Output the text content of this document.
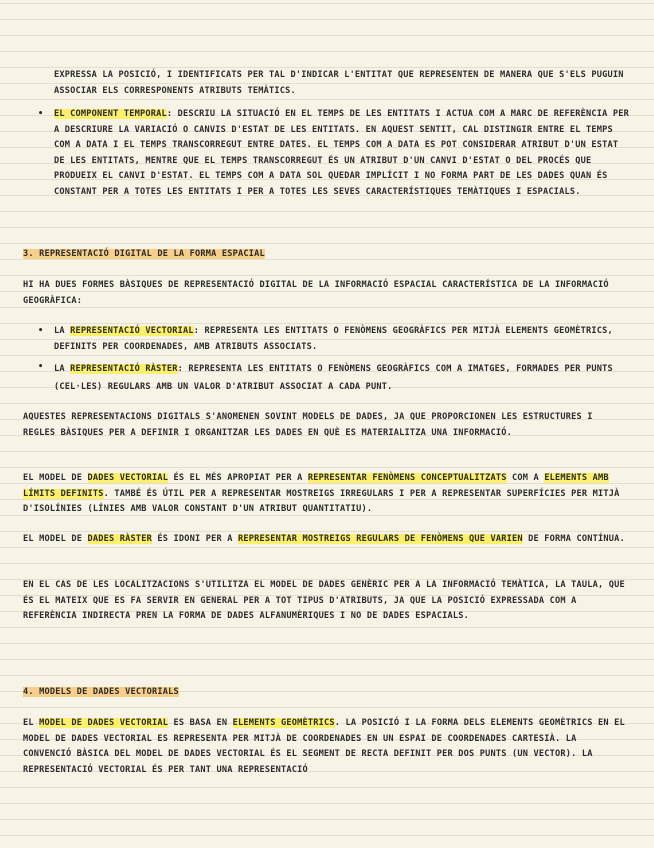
EXPRESSA LA POSICIÓ, I IDENTIFICATS PER TAL D'INDICAR L'ENTITAT QUE REPRESENTEN DE MANERA QUE S'ELS PUGUIN ASSOCIAR ELS CORRESPONENTS ATRIBUTS TEMÀTICS.

• EL COMPONENT TEMPORAL: DESCRIU LA SITUACIÓ EN EL TEMPS DE LES ENTITATS I ACTUA COM A MARC DE REFERÈNCIA PER A DESCRIURE LA VARIACIÓ O CANVIS D'ESTAT DE LES ENTITATS. EN AQUEST SENTIT, CAL DISTINGIR ENTRE EL TEMPS COM A DATA I EL TEMPS TRANSCORREGUT ENTRE DATES. EL TEMPS COM A DATA ES POT CONSIDERAR ATRIBUT D'UN ESTAT DE LES ENTITATS, MENTRE QUE EL TEMPS TRANSCORREGUT ÉS UN ATRIBUT D'UN CANVI D'ESTAT O DEL PROCÉS QUE PRODUEIX EL CANVI D'ESTAT. EL TEMPS COM A DATA SOL QUEDAR IMPLÍCIT I NO FORMA PART DE LES DADES QUAN ÉS CONSTANT PER A TOTES LES ENTITATS I PER A TOTES LES SEVES CARACTERÍSTIQUES TEMÀTIQUES I ESPACIALS.

3. REPRESENTACIÓ DIGITAL DE LA FORMA ESPACIAL

HI HA DUES FORMES BÀSIQUES DE REPRESENTACIÓ DIGITAL DE LA INFORMACIÓ ESPACIAL CARACTERÍSTICA DE LA INFORMACIÓ GEOGRÀFICA:

• LA REPRESENTACIÓ VECTORIAL: REPRESENTA LES ENTITATS O FENÒMENS GEOGRÀFICS PER MITJÀ ELEMENTS GEOMÈTRICS, DEFINITS PER COORDENADES, AMB ATRIBUTS ASSOCIATS.
• LA REPRESENTACIÓ RÀSTER: REPRESENTA LES ENTITATS O FENÒMENS GEOGRÀFICS COM A IMATGES, FORMADES PER PUNTS (CEL·LES) REGULARS AMB UN VALOR D'ATRIBUT ASSOCIAT A CADA PUNT.

AQUESTES REPRESENTACIONS DIGITALS S'ANOMENEN SOVINT MODELS DE DADES, JA QUE PROPORCIONEN LES ESTRUCTURES I REGLES BÀSIQUES PER A DEFINIR I ORGANITZAR LES DADES EN QUÈ ES MATERIALITZA UNA INFORMACIÓ.

EL MODEL DE DADES VECTORIAL ÉS EL MÉS APROPIAT PER A REPRESENTAR FENÒMENS CONCEPTUALITZATS COM A ELEMENTS AMB LÍMITS DEFINITS. TAMBÉ ÉS ÚTIL PER A REPRESENTAR MOSTREIGS IRREGULARS I PER A REPRESENTAR SUPERFÍCIES PER MITJÀ D'ISOLÍNIES (LÍNIES AMB VALOR CONSTANT D'UN ATRIBUT QUANTITATIU).

EL MODEL DE DADES RÀSTER ÉS IDONI PER A REPRESENTAR MOSTREIGS REGULARS DE FENÒMENS QUE VARIEN DE FORMA CONTÍNUA.

EN EL CAS DE LES LOCALITZACIONS S'UTILITZA EL MODEL DE DADES GENÈRIC PER A LA INFORMACIÓ TEMÀTICA, LA TAULA, QUE ÉS EL MATEIX QUE ES FA SERVIR EN GENERAL PER A TOT TIPUS D'ATRIBUTS, JA QUE LA POSICIÓ EXPRESSADA COM A REFERÈNCIA INDIRECTA PREN LA FORMA DE DADES ALFANUMÈRIQUES I NO DE DADES ESPACIALS.

4. MODELS DE DADES VECTORIALS

EL MODEL DE DADES VECTORIAL ES BASA EN ELEMENTS GEOMÈTRICS. LA POSICIÓ I LA FORMA DELS ELEMENTS GEOMÈTRICS EN EL MODEL DE DADES VECTORIAL ES REPRESENTA PER MITJÀ DE COORDENADES EN UN ESPAI DE COORDENADES CARTESIÀ. LA CONVENCIÓ BÀSICA DEL MODEL DE DADES VECTORIAL ÉS EL SEGMENT DE RECTA DEFINIT PER DOS PUNTS (UN VECTOR). LA REPRESENTACIÓ VECTORIAL ÉS PER TANT UNA REPRESENTACIÓ
